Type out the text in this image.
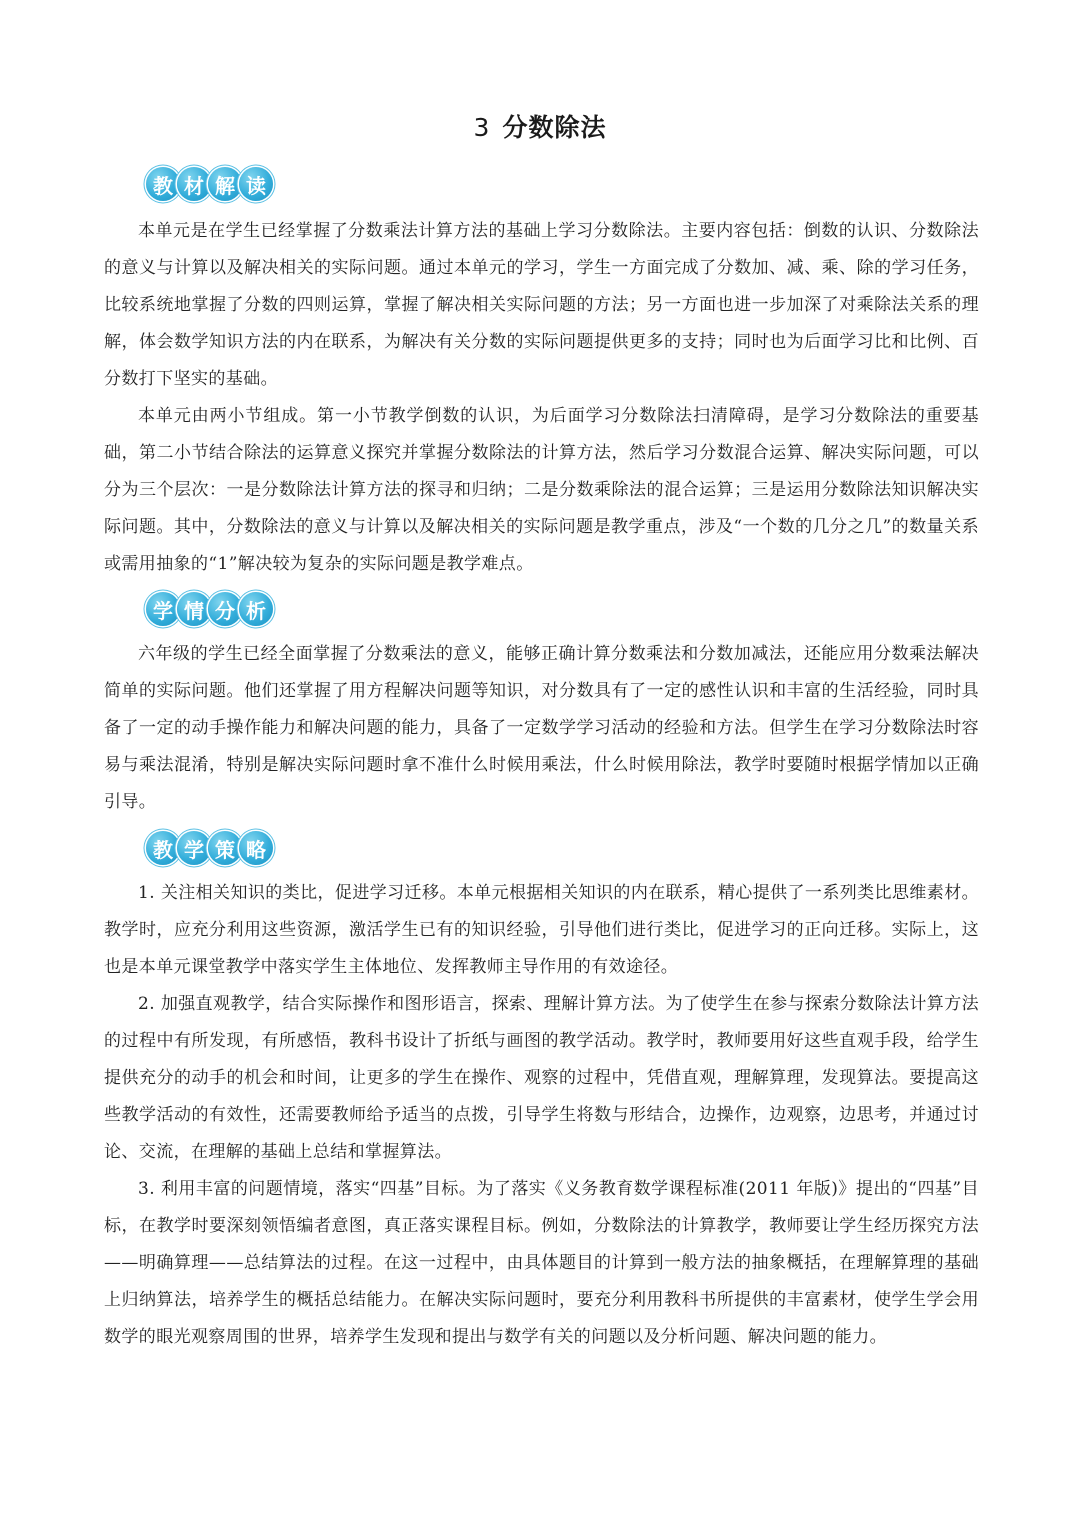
3 分数除法
教 材 解 读

本单元是在学生已经掌握了分数乘法计算方法的基础上学习分数除法。主要内容包括：倒数的认识、分数除法的意义与计算以及解决相关的实际问题。通过本单元的学习，学生一方面完成了分数加、减、乘、除的学习任务，比较系统地掌握了分数的四则运算，掌握了解决相关实际问题的方法；另一方面也进一步加深了对乘除法关系的理解，体会数学知识方法的内在联系，为解决有关分数的实际问题提供更多的支持；同时也为后面学习比和比例、百分数打下坚实的基础。

本单元由两小节组成。第一小节教学倒数的认识，为后面学习分数除法扫清障碍，是学习分数除法的重要基础，第二小节结合除法的运算意义探究并掌握分数除法的计算方法，然后学习分数混合运算、解决实际问题，可以分为三个层次：一是分数除法计算方法的探寻和归纳；二是分数乘除法的混合运算；三是运用分数除法知识解决实际问题。其中，分数除法的意义与计算以及解决相关的实际问题是教学重点，涉及“一个数的几分之几”的数量关系或需用抽象的“1”解决较为复杂的实际问题是教学难点。

学 情 分 析

六年级的学生已经全面掌握了分数乘法的意义，能够正确计算分数乘法和分数加减法，还能应用分数乘法解决简单的实际问题。他们还掌握了用方程解决问题等知识，对分数具有了一定的感性认识和丰富的生活经验，同时具备了一定的动手操作能力和解决问题的能力，具备了一定数学学习活动的经验和方法。但学生在学习分数除法时容易与乘法混淆，特别是解决实际问题时拿不准什么时候用乘法，什么时候用除法，教学时要随时根据学情加以正确引导。

教 学 策 略

1. 关注相关知识的类比，促进学习迁移。本单元根据相关知识的内在联系，精心提供了一系列类比思维素材。教学时，应充分利用这些资源，激活学生已有的知识经验，引导他们进行类比，促进学习的正向迁移。实际上，这也是本单元课堂教学中落实学生主体地位、发挥教师主导作用的有效途径。

2. 加强直观教学，结合实际操作和图形语言，探索、理解计算方法。为了使学生在参与探索分数除法计算方法的过程中有所发现，有所感悟，教科书设计了折纸与画图的教学活动。教学时，教师要用好这些直观手段，给学生提供充分的动手的机会和时间，让更多的学生在操作、观察的过程中，凭借直观，理解算理，发现算法。要提高这些教学活动的有效性，还需要教师给予适当的点拨，引导学生将数与形结合，边操作，边观察，边思考，并通过讨论、交流，在理解的基础上总结和掌握算法。

3. 利用丰富的问题情境，落实“四基”目标。为了落实《义务教育数学课程标准(2011 年版)》提出的“四基”目标，在教学时要深刻领悟编者意图，真正落实课程目标。例如，分数除法的计算教学，教师要让学生经历探究方法——明确算理——总结算法的过程。在这一过程中，由具体题目的计算到一般方法的抽象概括，在理解算理的基础上归纳算法，培养学生的概括总结能力。在解决实际问题时，要充分利用教科书所提供的丰富素材，使学生学会用数学的眼光观察周围的世界，培养学生发现和提出与数学有关的问题以及分析问题、解决问题的能力。
